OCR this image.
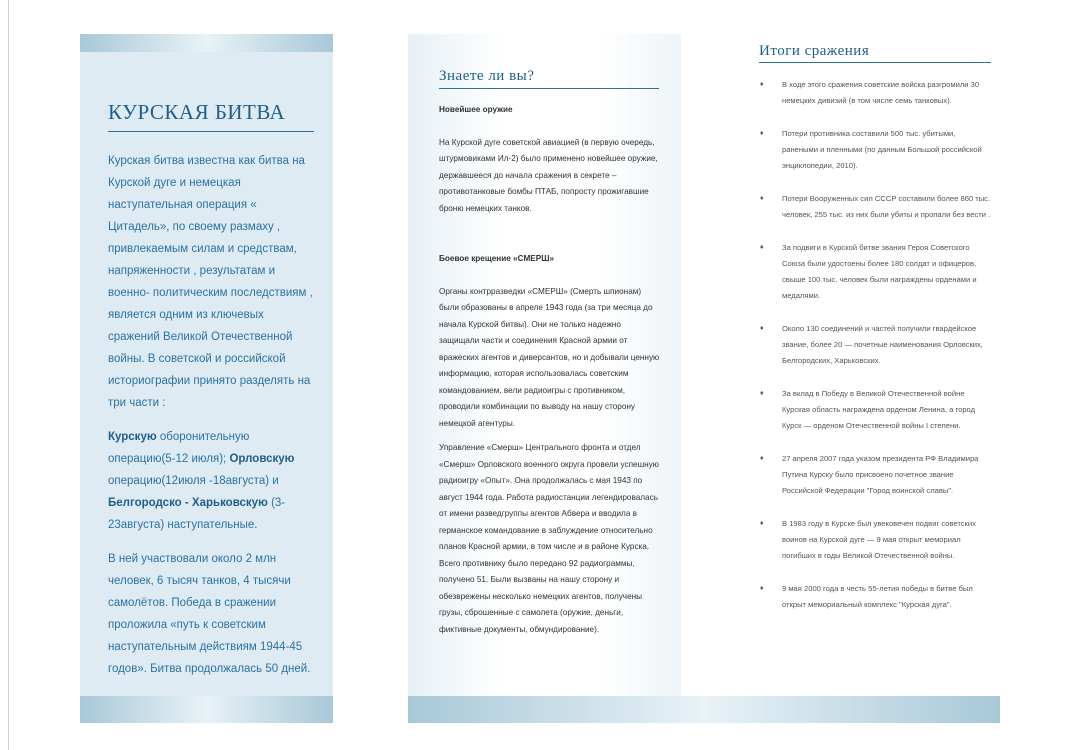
КУРСКАЯ БИТВА

Курская битва известна как битва на Курской дуге и немецкая наступательная операция « Цитадель», по своему размаху , привлекаемым силам и средствам, напряженности , результатам и военно- политическим последствиям , является одним из ключевых сражений Великой Отечественной войны. В советской и российской историографии принято разделять на три части :

Курскую оборонительную операцию(5-12 июля); Орловскую операцию(12июля -18августа) и Белгородско - Харьковскую (3-23августа) наступательные.

В ней участвовали около 2 млн человек, 6 тысяч танков, 4 тысячи самолётов. Победа в сражении проложила «путь к советским наступательным действиям 1944-45 годов». Битва продолжалась 50 дней.

Знаете ли вы?

Новейшее оружие

На Курской дуге советской авиацией (в первую очередь, штурмовиками Ил-2) было применено новейшее оружие, державшееся до начала сражения в секрете – противотанковые бомбы ПТАБ, попросту прожигавшие броню немецких танков.

Боевое крещение «СМЕРШ»

Органы контрразведки «СМЕРШ» (Смерть шпионам) были образованы в апреле 1943 года (за три месяца до начала Курской битвы). Они не только надежно защищали части и соединения Красной армии от вражеских агентов и диверсантов, но и добывали ценную информацию, которая использовалась советским командованием, вели радиоигры с противником, проводили комбинации по выводу на нашу сторону немецкой агентуры.

Управление «Смерш» Центрального фронта и отдел «Смерш» Орловского военного округа провели успешную радиоигру «Опыт». Она продолжалась с мая 1943 по август 1944 года. Работа радиостанции легендировалась от имени разведгруппы агентов Абвера и вводила в германское командование в заблуждение относительно планов Красной армии, в том числе и в районе Курска. Всего противнику было передано 92 радиограммы, получено 51. Были вызваны на нашу сторону и обезврежены несколько немецких агентов, получены грузы, сброшенные с самолета (оружие, деньги, фиктивные документы, обмундирование).

Итоги сражения
♦ В ходе этого сражения советские войска разгромили 30 немецких дивизий (в том числе семь танковых).
♦ Потери противника составили 500 тыс. убитыми, ранеными и пленными (по данным Большой российской энциклопедии, 2010).
♦ Потери Вооруженных сил СССР составили более 860 тыс. человек, 255 тыс. из них были убиты и пропали без вести .
♦ За подвиги в Курской битве звания Героя Советского Союза были удостоены более 180 солдат и офицеров, свыше 100 тыс. человек были награждены орденами и медалями.
♦ Около 130 соединений и частей получили гвардейское звание, более 20 — почетные наименования Орловских, Белгородских, Харьковских.
♦ За вклад в Победу в Великой Отечественной войне Курская область награждена орденом Ленина, а город Курск — орденом Отечественной войны I степени.
♦ 27 апреля 2007 года указом президента РФ Владимира Путина Курску было присвоено почетное звание Российской Федерации "Город воинской славы".
♦ В 1983 году в Курске был увековечен подвиг советских воинов на Курской дуге — 9 мая открыт мемориал погибших в годы Великой Отечественной войны.
♦ 9 мая 2000 года в честь 55-летия победы в битве был открыт мемориальный комплекс "Курская дуга".
